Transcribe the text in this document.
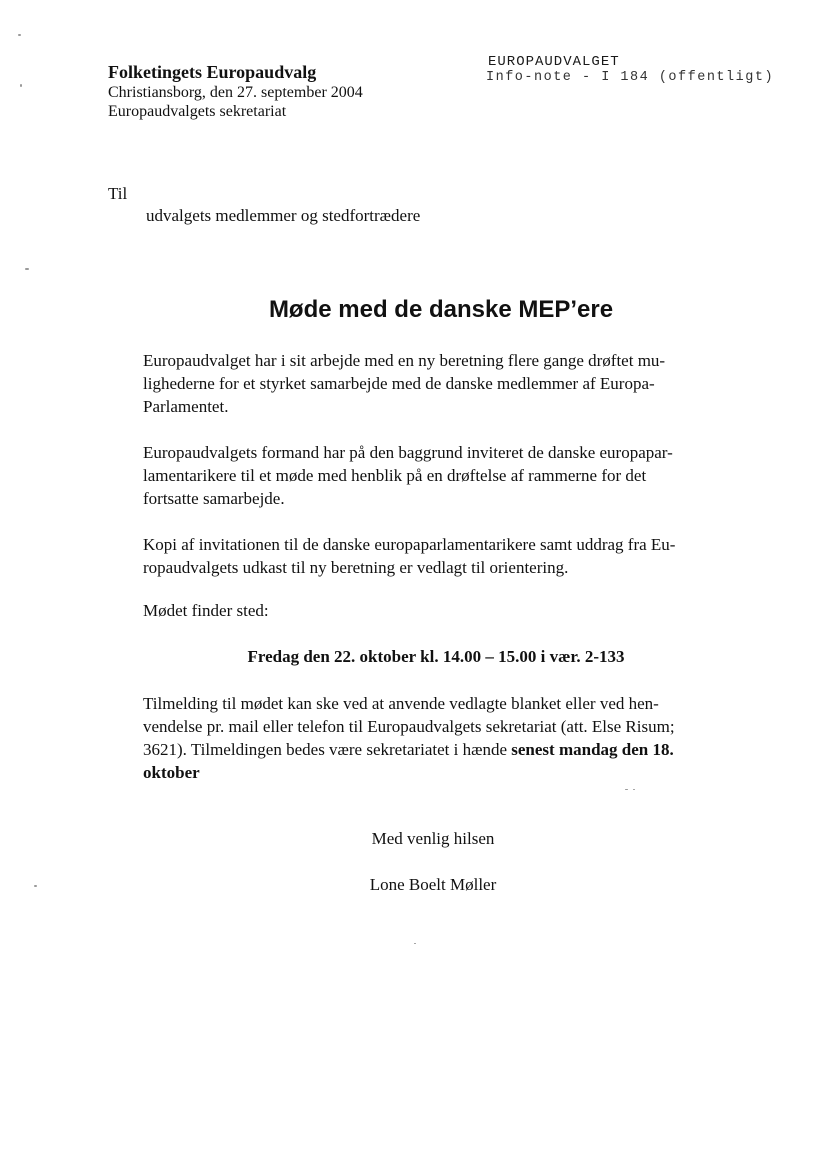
Folketingets Europaudvalg
Christiansborg, den 27. september 2004
Europaudvalgets sekretariat
EUROPAUDVALGET
Info-note - I 184 (offentligt)
Til
udvalgets medlemmer og stedfortrædere
Møde med de danske MEP’ere
Europaudvalget har i sit arbejde med en ny beretning flere gange drøftet mu-
lighederne for et styrket samarbejde med de danske medlemmer af Europa-
Parlamentet.
Europaudvalgets formand har på den baggrund inviteret de danske europapar-
lamentarikere til et møde med henblik på en drøftelse af rammerne for det
fortsatte samarbejde.
Kopi af invitationen til de danske europaparlamentarikere samt uddrag fra Eu-
ropaudvalgets udkast til ny beretning er vedlagt til orientering.
Mødet finder sted:
Fredag den 22. oktober kl. 14.00 – 15.00 i vær. 2-133
Tilmelding til mødet kan ske ved at anvende vedlagte blanket eller ved hen-
vendelse pr. mail eller telefon til Europaudvalgets sekretariat (att. Else Risum;
3621). Tilmeldingen bedes være sekretariatet i hænde senest mandag den 18.
oktober
Med venlig hilsen
Lone Boelt Møller
